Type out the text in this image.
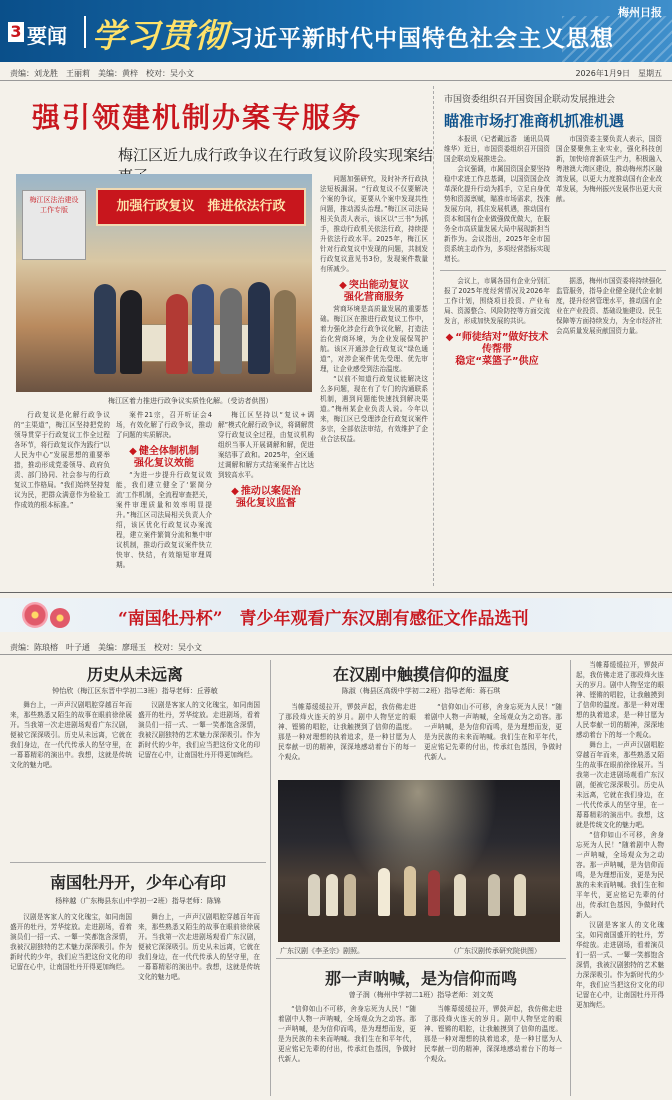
3 要闻 学习贯彻 习近平新时代中国特色社会主义思想
梅州日报
责编：刘龙胜　王丽莉　美编：黄梓　校对：吴小文	2026年1月9日　星期五
强引领建机制办案专服务
梅江区近九成行政争议在行政复议阶段实现案结
梅江区法治建设工作专版	加强行政复议　推进依法行政
梅江区着力推进行政争议实质性化解。（受访者供图）

行政复议是化解行政争议的“主渠道”，梅江区坚持把党的领导贯穿于行政复议工作全过程各环节，将行政复议作为践行“以人民为中心”发展思想的重要举措，推动形成党委领导、政府负责、部门协同、社会参与的行政复议工作格局。“我们始终坚持复议为民，把群众满意作为检验工作成效的根本标准。”

案件21宗，召开听证会4场，有效化解了行政争议，推动了问题的实质解决。

◆ 健全体制机制
强化复议效能

“为进一步提升行政复议效能，我们建立健全了‘繁简分流’工作机制，全流程审查把关，案件审理质量和效率明显提升。”梅江区司法局相关负责人介绍，该区优化行政复议办案流程，建立案件繁简分流和集中审议机制，推动行政复议案件快立快审、快结，有效缩短审理周期。

梅江区坚持以“复议+调解”模式化解行政争议，将调解贯穿行政复议全过程，由复议机构组织当事人开展调解和解，促进案结事了政和。2025年，全区通过调解和解方式结案案件占比达到较高水平。

◆ 推动以案促治
强化复议监督

问题加强研究，及时补齐行政执法短板漏洞。“行政复议不仅要解决个案的争议，更要从个案中发现共性问题，推动源头治理。”梅江区司法局相关负责人表示，该区以“三书”为抓手，推动行政机关依法行政，持续提升依法行政水平。2025年，梅江区针对行政复议中发现的问题，共制发行政复议意见书3份，发现案件数量有所减少。

◆ 突出能动复议
强化营商服务

营商环境是高质量发展的重要基础。梅江区在推进行政复议工作中，着力强化涉企行政争议化解，打造法治化营商环境，为企业发展保驾护航。该区开通涉企行政复议“绿色通道”，对涉企案件优先受理、优先审理，让企业感受到法治温度。

“以前不知道行政复议能解决这么多问题，现在有了专门的沟通联系机制，遇到问题能快速找到解决渠道。”梅州某企业负责人说。今年以来，梅江区已受理涉企行政复议案件多宗，全部依法审结，有效维护了企业合法权益。

市国资委组织召开国资国企联动发展推进会
瞄准市场打准商机抓准机遇

本报讯（记者戴远香　通讯员周维华）近日，市国资委组织召开国资国企联动发展推进会。

会议强调，市属国资国企要坚持稳中求进工作总基调，以国资国企改革深化提升行动为抓手，立足自身优势和资源禀赋，瞄准市场需求，找准发展方向，抓住发展机遇，推动国有资本和国有企业做强做优做大，在服务全市高质量发展大局中展现新担当新作为。会议指出，2025年全市国资系统主动作为，多项经营指标实现增长。

市国资委主要负责人表示，国资国企要聚焦主业实业，强化科技创新，加快培育新质生产力，积极融入粤港澳大湾区建设，推动梅州苏区融湾发展，以更大力度推动国有企业改革发展，为梅州振兴发展作出更大贡献。

会议上，市属各国有企业分别汇报了2025年度经营情况及2026年工作计划，围绕项目投资、产业布局、资源整合、风险防控等方面交流发言，形成加快发展的共识。

◆ “师徒结对”做好技术传帮带
稳定“菜篮子”供应

据悉，梅州市国资委将持续强化监管服务，指导企业健全现代企业制度，提升经营管理水平，推动国有企业在产业投资、基础设施建设、民生保障等方面持续发力，为全市经济社会高质量发展贡献国资力量。

“南国牡丹杯”　青少年观看广东汉剧有感征文作品选刊
责编：陈琅榕　叶子通　美编：廖瑶玉　校对：吴小文
历史从未远离
钟怡欣（梅江区东晋中学初二3班）指导老师：丘蓉敏

舞台上，一声声汉剧唱腔穿越百年而来，那些熟悉又陌生的故事在眼前徐徐展开。当我第一次走进剧场观看广东汉剧，便被它深深吸引。历史从未远离，它就在我们身边，在一代代传承人的坚守里，在一幕幕精彩的演出中。我想，这就是传统文化的魅力吧。

汉剧是客家人的文化瑰宝，如同南国盛开的牡丹，芳华绽放。走进剧场，看着演员们一招一式、一颦一笑都饱含深情，我被汉剧独特的艺术魅力深深吸引。作为新时代的少年，我们应当把这份文化的印记留在心中，让南国牡丹开得更加绚烂。

南国牡丹开，少年心有印
杨梓越（广东梅县东山中学初一2班）指导老师：陈锦

汉剧是客家人的文化瑰宝，如同南国盛开的牡丹，芳华绽放。走进剧场，看着演员们一招一式、一颦一笑都饱含深情，我被汉剧独特的艺术魅力深深吸引。作为新时代的少年，我们应当把这份文化的印记留在心中，让南国牡丹开得更加绚烂。

舞台上，一声声汉剧唱腔穿越百年而来，那些熟悉又陌生的故事在眼前徐徐展开。当我第一次走进剧场观看广东汉剧，便被它深深吸引。历史从未远离，它就在我们身边，在一代代传承人的坚守里，在一幕幕精彩的演出中。我想，这就是传统文化的魅力吧。

在汉剧中触摸信仰的温度
陈淑（梅县区高级中学初二2班）指导老师：蒋石琪

当帷幕缓缓拉开，锣鼓声起，我仿佛走进了那段烽火连天的岁月。剧中人物坚定的眼神、铿锵的唱腔，让我触摸到了信仰的温度。那是一种对理想的执着追求，是一种甘愿为人民奉献一切的精神，深深地感动着台下的每一个观众。

“信仰如山不可移，舍身忘死为人民！”随着剧中人物一声呐喊，全场观众为之动容。那一声呐喊，是为信仰而鸣，是为理想而发，更是为民族的未来而呐喊。我们生在和平年代，更应铭记先辈的付出，传承红色基因，争做时代新人。

广东汉剧《李圣宗》剧照。	（广东汉剧传承研究院供图）
那一声呐喊，是为信仰而鸣
曾子润（梅州中学初二1班）指导老师：刘文英

“信仰如山不可移，舍身忘死为人民！”随着剧中人物一声呐喊，全场观众为之动容。那一声呐喊，是为信仰而鸣，是为理想而发，更是为民族的未来而呐喊。我们生在和平年代，更应铭记先辈的付出，传承红色基因，争做时代新人。

当帷幕缓缓拉开，锣鼓声起，我仿佛走进了那段烽火连天的岁月。剧中人物坚定的眼神、铿锵的唱腔，让我触摸到了信仰的温度。那是一种对理想的执着追求，是一种甘愿为人民奉献一切的精神，深深地感动着台下的每一个观众。

当帷幕缓缓拉开，锣鼓声起，我仿佛走进了那段烽火连天的岁月。剧中人物坚定的眼神、铿锵的唱腔，让我触摸到了信仰的温度。那是一种对理想的执着追求，是一种甘愿为人民奉献一切的精神，深深地感动着台下的每一个观众。

舞台上，一声声汉剧唱腔穿越百年而来，那些熟悉又陌生的故事在眼前徐徐展开。当我第一次走进剧场观看广东汉剧，便被它深深吸引。历史从未远离，它就在我们身边，在一代代传承人的坚守里，在一幕幕精彩的演出中。我想，这就是传统文化的魅力吧。

“信仰如山不可移，舍身忘死为人民！”随着剧中人物一声呐喊，全场观众为之动容。那一声呐喊，是为信仰而鸣，是为理想而发，更是为民族的未来而呐喊。我们生在和平年代，更应铭记先辈的付出，传承红色基因，争做时代新人。

汉剧是客家人的文化瑰宝，如同南国盛开的牡丹，芳华绽放。走进剧场，看着演员们一招一式、一颦一笑都饱含深情，我被汉剧独特的艺术魅力深深吸引。作为新时代的少年，我们应当把这份文化的印记留在心中，让南国牡丹开得更加绚烂。
